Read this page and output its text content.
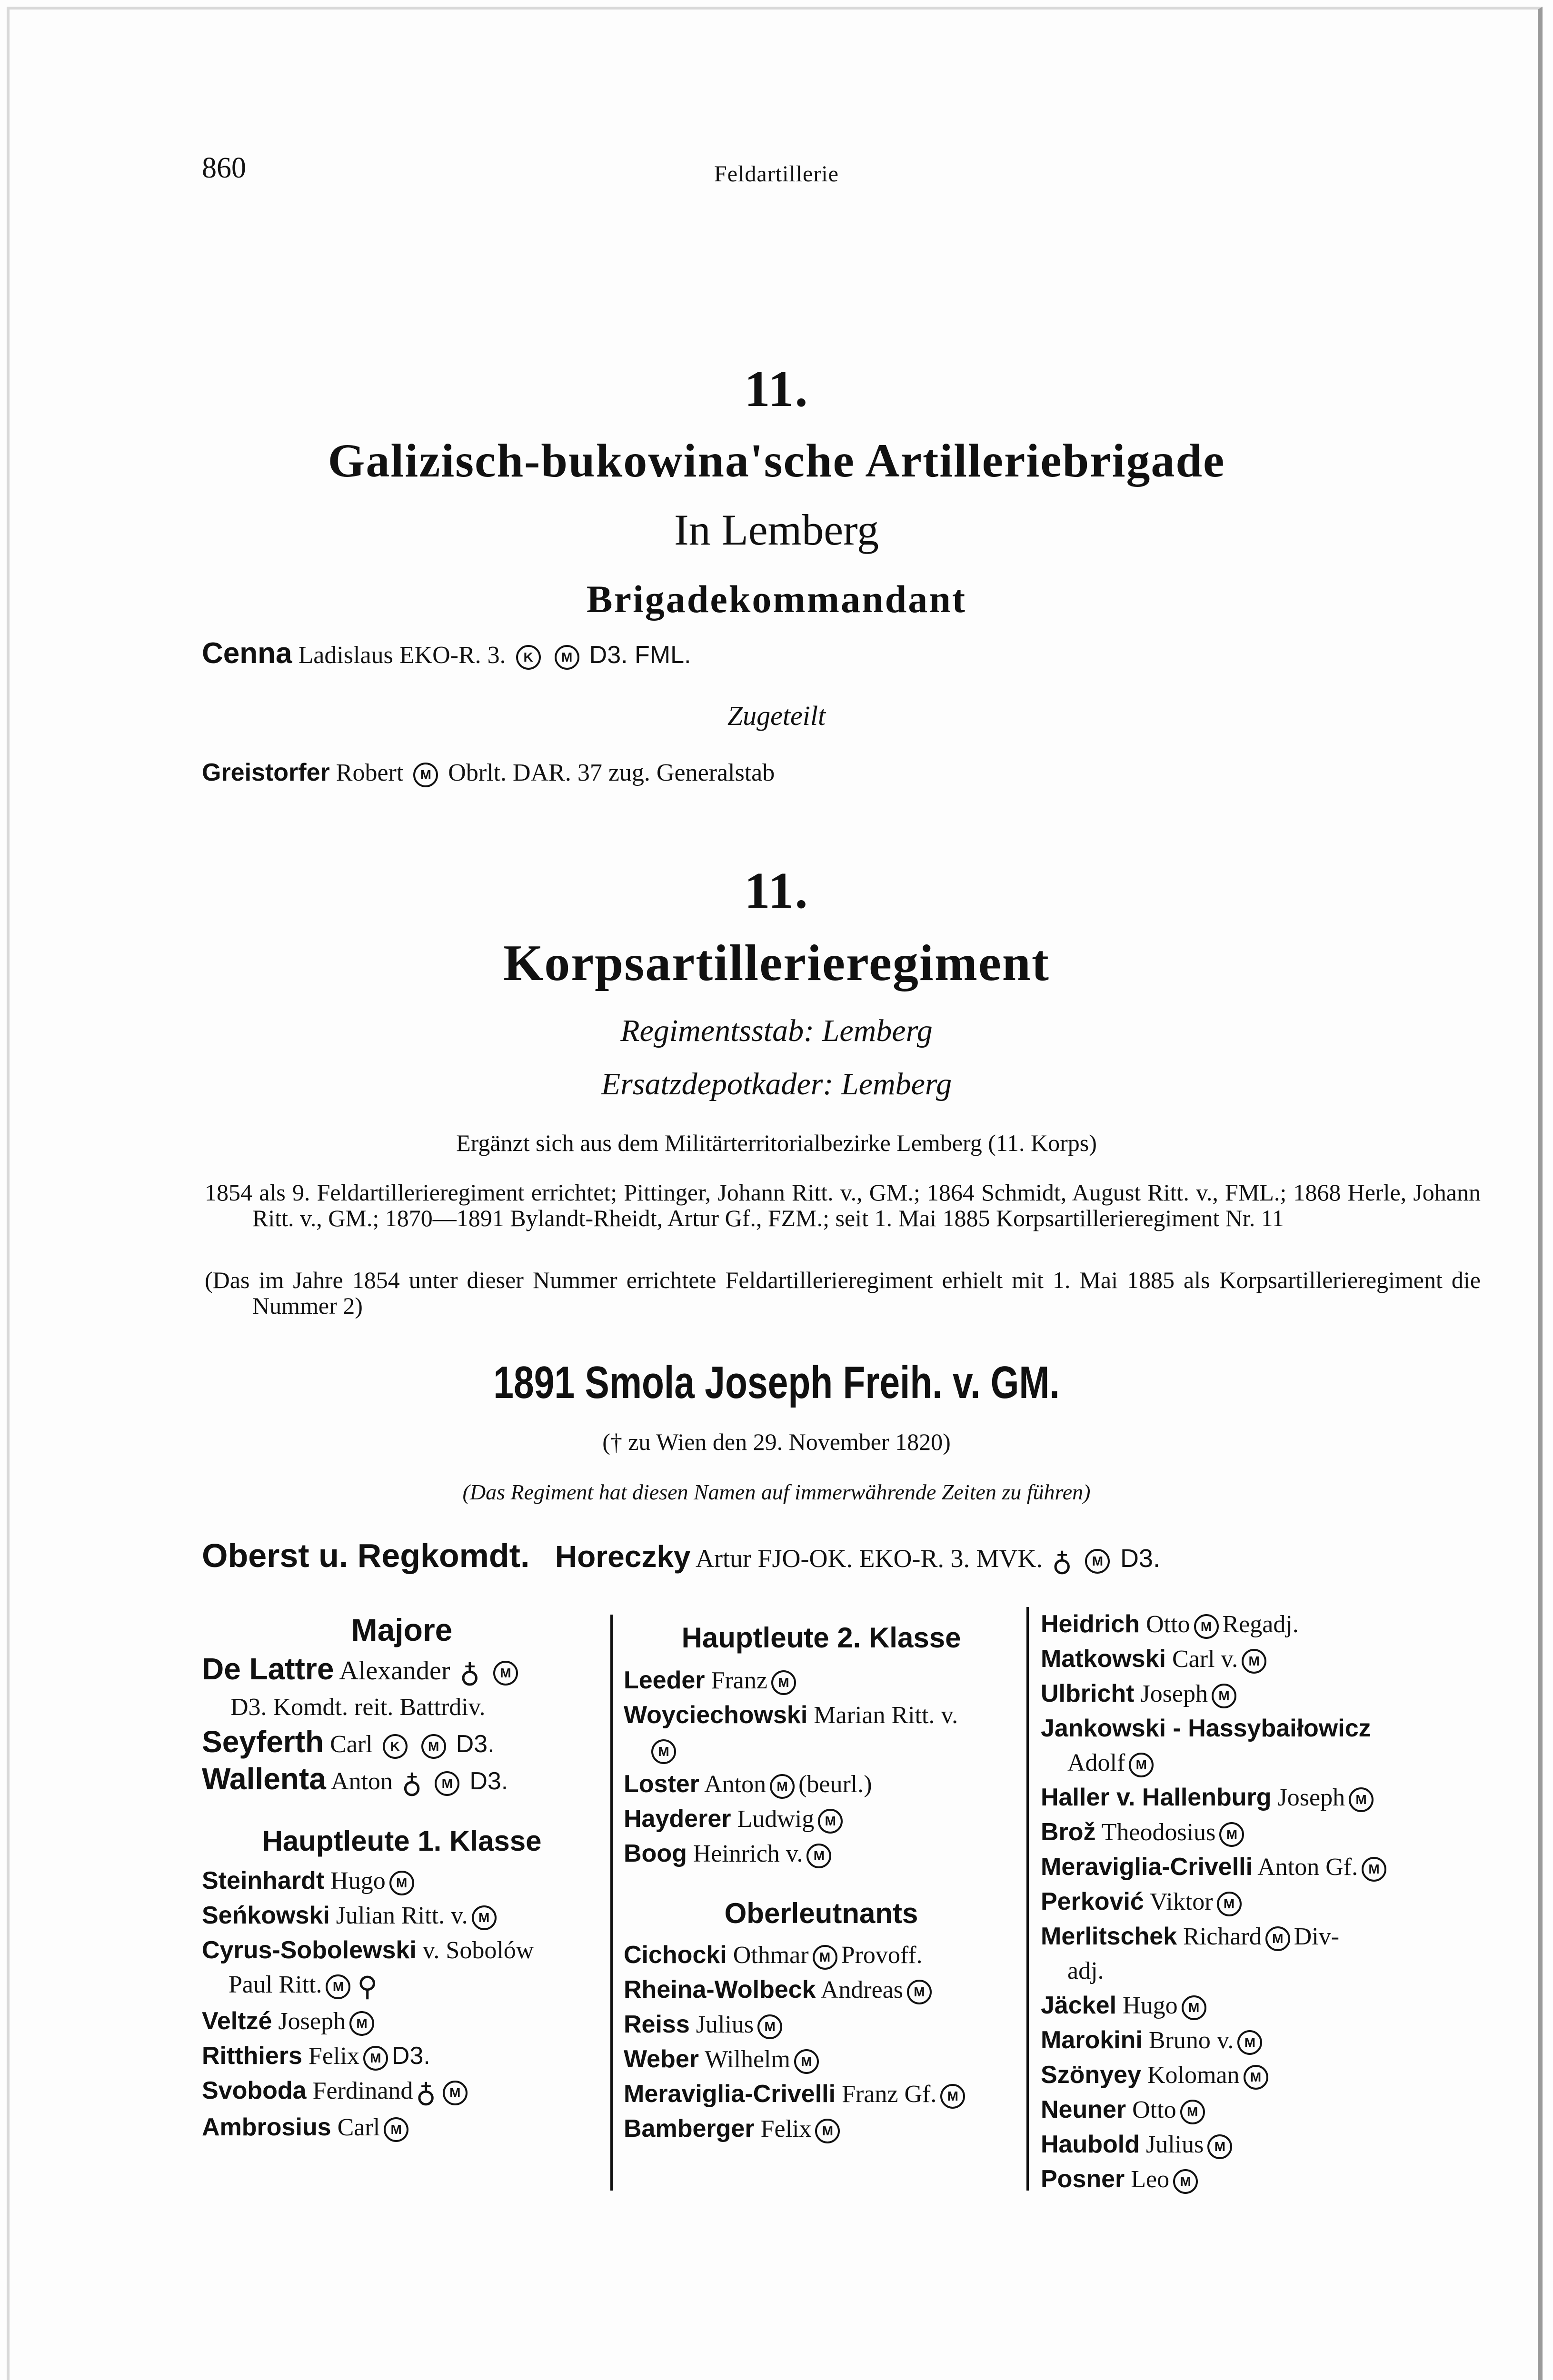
860	Feldartillerie
11.
Galizisch-bukowina'sche Artilleriebrigade
In Lemberg
Brigadekommandant
Cenna Ladislaus EKO-R. 3. K M D3. FML.
Zugeteilt
Greistorfer Robert M Obrlt. DAR. 37 zug. Generalstab
11.
Korpsartillerieregiment
Regimentsstab: Lemberg
Ersatzdepotkader: Lemberg
Ergänzt sich aus dem Militärterritorialbezirke Lemberg (11. Korps)
1854 als 9. Feldartillerieregiment errichtet; Pittinger, Johann Ritt. v., GM.; 1864 Schmidt, August Ritt. v., FML.; 1868 Herle, Johann Ritt. v., GM.; 1870—1891 Bylandt-Rheidt, Artur Gf., FZM.; seit 1. Mai 1885 Korpsartillerieregiment Nr. 11
(Das im Jahre 1854 unter dieser Nummer errichtete Feldartillerieregiment erhielt mit 1. Mai 1885 als Korpsartillerieregiment die Nummer 2)
1891 Smola Joseph Freih. v. GM.
(† zu Wien den 29. November 1820)
(Das Regiment hat diesen Namen auf immerwährende Zeiten zu führen)
Oberst u. Regkomdt. Horeczky Artur FJO-OK. EKO-R. 3. MVK. ♁ M D3.
Majore
De Lattre Alexander ♁ M
D3. Komdt. reit. Battrdiv.
Seyferth Carl K M D3.
Wallenta Anton ♁ M D3.
Hauptleute 1. Klasse
Steinhardt Hugo M
Seńkowski Julian Ritt. v. M
Cyrus-Sobolewski v. Sobolów
Paul Ritt. M ⚲
Veltzé Joseph M
Ritthiers Felix M D3.
Svoboda Ferdinand ♁ M
Ambrosius Carl M
Hauptleute 2. Klasse
Leeder Franz M
Woyciechowski Marian Ritt. v.
M
Loster Anton M (beurl.)
Hayderer Ludwig M
Boog Heinrich v. M
Oberleutnants
Cichocki Othmar M Provoff.
Rheina-Wolbeck Andreas M
Reiss Julius M
Weber Wilhelm M
Meraviglia-Crivelli Franz Gf. M
Bamberger Felix M
Heidrich Otto M Regadj.
Matkowski Carl v. M
Ulbricht Joseph M
Jankowski - Hassybaiłowicz
Adolf M
Haller v. Hallenburg Joseph M
Brož Theodosius M
Meraviglia-Crivelli Anton Gf. M
Perković Viktor M
Merlitschek Richard M Div-
adj.
Jäckel Hugo M
Marokini Bruno v. M
Szönyey Koloman M
Neuner Otto M
Haubold Julius M
Posner Leo M
